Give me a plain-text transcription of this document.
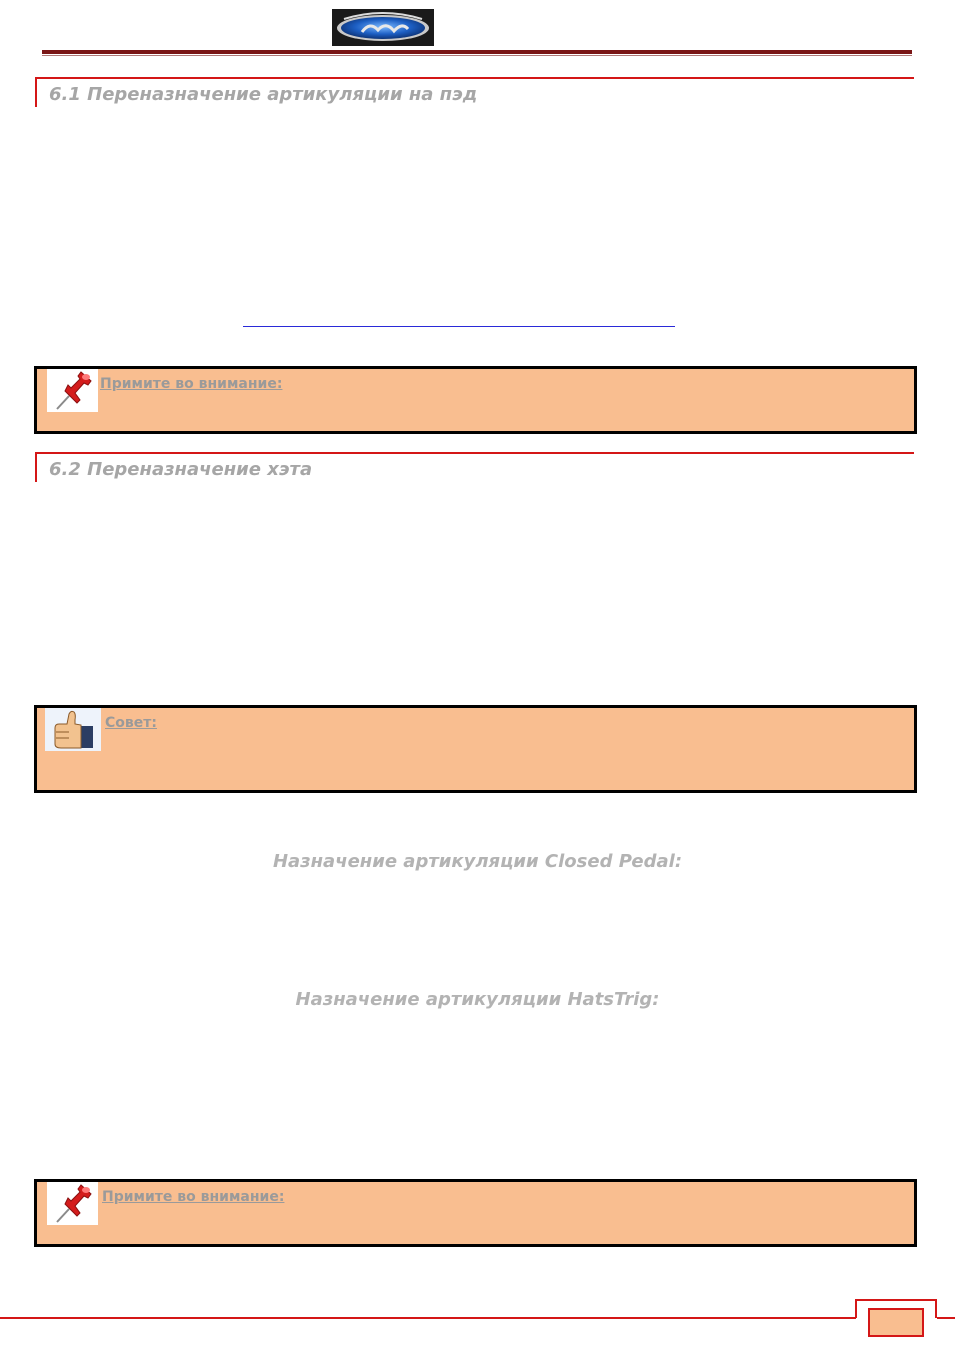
6.1 Переназначение артикуляции на пэд
Примите во внимание:
6.2 Переназначение хэта
Совет:
Назначение артикуляции Closed Pedal:
Назначение артикуляции HatsTrig:
Примите во внимание:
